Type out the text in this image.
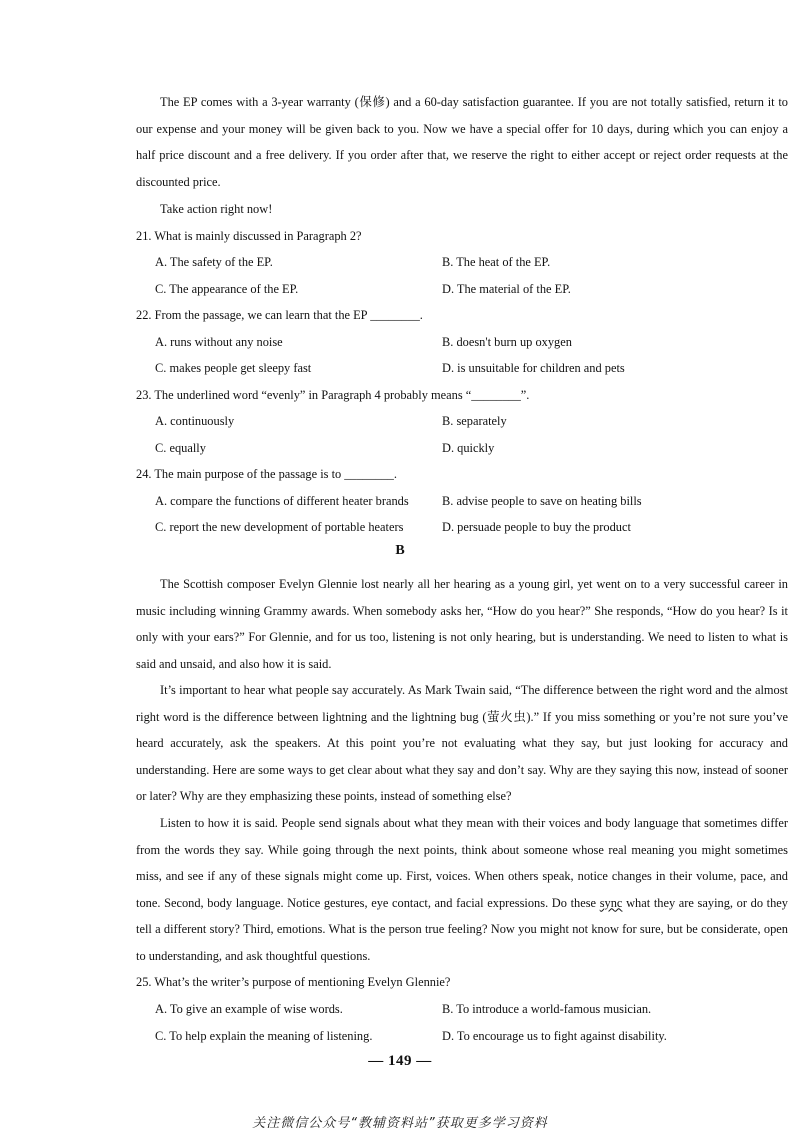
The EP comes with a 3-year warranty (保修) and a 60-day satisfaction guarantee. If you are not totally satisfied, return it to our expense and your money will be given back to you. Now we have a special offer for 10 days, during which you can enjoy a half price discount and a free delivery. If you order after that, we reserve the right to either accept or reject order requests at the discounted price.

Take action right now!

21. What is mainly discussed in Paragraph 2?

A. The safety of the EP.	B. The heat of the EP.
C. The appearance of the EP.	D. The material of the EP.

22. From the passage, we can learn that the EP ________.

A. runs without any noise	B. doesn't burn up oxygen
C. makes people get sleepy fast	D. is unsuitable for children and pets

23. The underlined word “evenly” in Paragraph 4 probably means “________”.

A. continuously	B. separately
C. equally	D. quickly

24. The main purpose of the passage is to ________.

A. compare the functions of different heater brands	B. advise people to save on heating bills
C. report the new development of portable heaters	D. persuade people to buy the product
B

The Scottish composer Evelyn Glennie lost nearly all her hearing as a young girl, yet went on to a very successful career in music including winning Grammy awards. When somebody asks her, “How do you hear?” She responds, “How do you hear? Is it only with your ears?” For Glennie, and for us too, listening is not only hearing, but is understanding. We need to listen to what is said and unsaid, and also how it is said.

It’s important to hear what people say accurately. As Mark Twain said, “The difference between the right word and the almost right word is the difference between lightning and the lightning bug (萤火虫).” If you miss something or you’re not sure you’ve heard accurately, ask the speakers. At this point you’re not evaluating what they say, but just looking for accuracy and understanding. Here are some ways to get clear about what they say and don’t say. Why are they saying this now, instead of sooner or later? Why are they emphasizing these points, instead of something else?

Listen to how it is said. People send signals about what they mean with their voices and body language that sometimes differ from the words they say. While going through the next points, think about someone whose real meaning you might sometimes miss, and see if any of these signals might come up. First, voices. When others speak, notice changes in their volume, pace, and tone. Second, body language. Notice gestures, eye contact, and facial expressions. Do these sync what they are saying, or do they tell a different story? Third, emotions. What is the person true feeling? Now you might not know for sure, but be considerate, open to understanding, and ask thoughtful questions.

25. What’s the writer’s purpose of mentioning Evelyn Glennie?

A. To give an example of wise words.	B. To introduce a world-famous musician.
C. To help explain the meaning of listening.	D. To encourage us to fight against disability.
— 149 —
关注微信公众号“教辅资料站”获取更多学习资料
